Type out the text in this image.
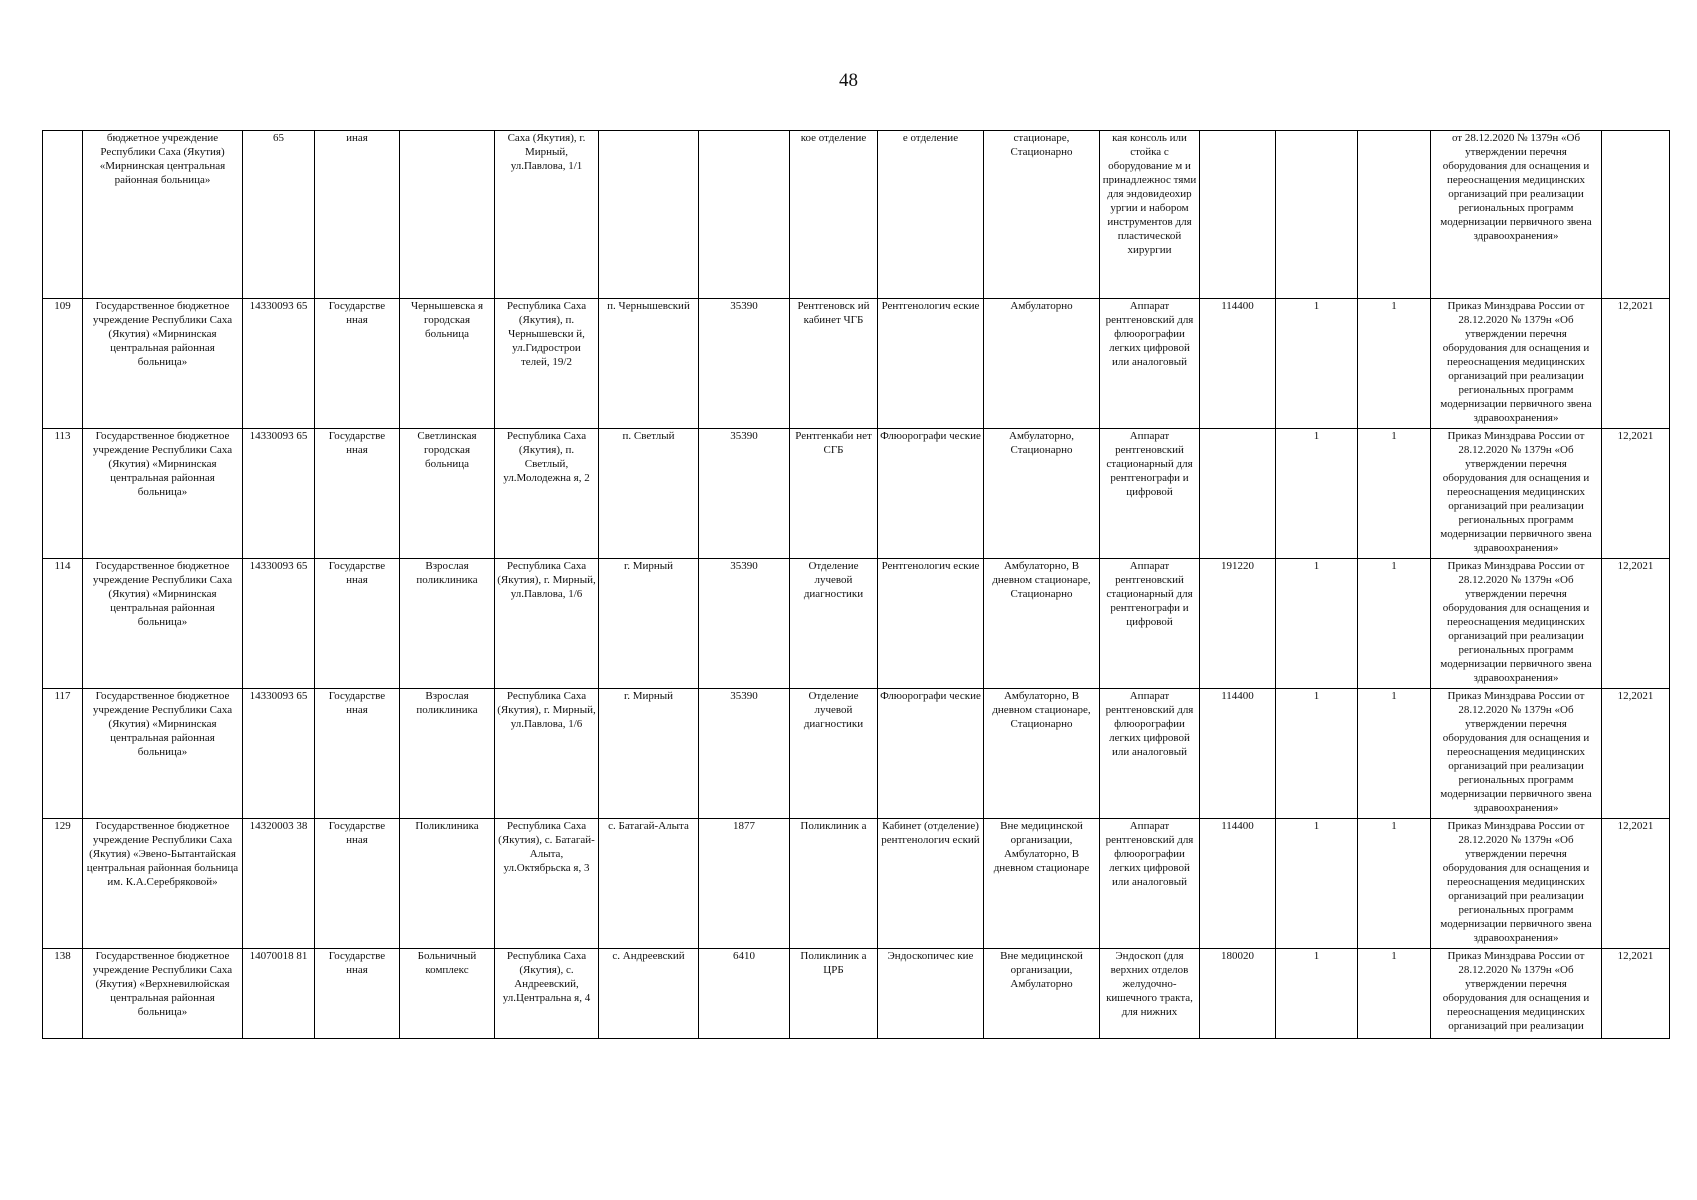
48

	бюджетное учреждение Республики Саха (Якутия) «Мирнинская центральная районная больница»	65	иная		Саха (Якутия), г. Мирный, ул.Павлова, 1/1			кое отделение	е отделение	стационаре, Стационарно	кая консоль или стойка с оборудование м и принадлежнос тями для эндовидеохир ургии и набором инструментов для пластической хирургии				от 28.12.2020 № 1379н «Об утверждении перечня оборудования для оснащения и переоснащения медицинских организаций при реализации региональных программ модернизации первичного звена здравоохранения»	

109	Государственное бюджетное учреждение Республики Саха (Якутия) «Мирнинская центральная районная больница»	14330093 65	Государстве нная	Чернышевска я городская больница	Республика Саха (Якутия), п. Чернышевски й, ул.Гидрострои телей, 19/2	п. Чернышевский	35390	Рентгеновск ий кабинет ЧГБ	Рентгенологич еские	Амбулаторно	Аппарат рентгеновский для флюорографии легких цифровой или аналоговый	114400	1	1	Приказ Минздрава России от 28.12.2020 № 1379н «Об утверждении перечня оборудования для оснащения и переоснащения медицинских организаций при реализации региональных программ модернизации первичного звена здравоохранения»	12,2021

113	Государственное бюджетное учреждение Республики Саха (Якутия) «Мирнинская центральная районная больница»	14330093 65	Государстве нная	Светлинская городская больница	Республика Саха (Якутия), п. Светлый, ул.Молодежна я, 2	п. Светлый	35390	Рентгенкаби нет СГБ	Флюорографи ческие	Амбулаторно, Стационарно	Аппарат рентгеновский стационарный для рентгенографи и цифровой		1	1	Приказ Минздрава России от 28.12.2020 № 1379н «Об утверждении перечня оборудования для оснащения и переоснащения медицинских организаций при реализации региональных программ модернизации первичного звена здравоохранения»	12,2021

114	Государственное бюджетное учреждение Республики Саха (Якутия) «Мирнинская центральная районная больница»	14330093 65	Государстве нная	Взрослая поликлиника	Республика Саха (Якутия), г. Мирный, ул.Павлова, 1/6	г. Мирный	35390	Отделение лучевой диагностики	Рентгенологич еские	Амбулаторно, В дневном стационаре, Стационарно	Аппарат рентгеновский стационарный для рентгенографи и цифровой	191220	1	1	Приказ Минздрава России от 28.12.2020 № 1379н «Об утверждении перечня оборудования для оснащения и переоснащения медицинских организаций при реализации региональных программ модернизации первичного звена здравоохранения»	12,2021

117	Государственное бюджетное учреждение Республики Саха (Якутия) «Мирнинская центральная районная больница»	14330093 65	Государстве нная	Взрослая поликлиника	Республика Саха (Якутия), г. Мирный, ул.Павлова, 1/6	г. Мирный	35390	Отделение лучевой диагностики	Флюорографи ческие	Амбулаторно, В дневном стационаре, Стационарно	Аппарат рентгеновский для флюорографии легких цифровой или аналоговый	114400	1	1	Приказ Минздрава России от 28.12.2020 № 1379н «Об утверждении перечня оборудования для оснащения и переоснащения медицинских организаций при реализации региональных программ модернизации первичного звена здравоохранения»	12,2021

129	Государственное бюджетное учреждение Республики Саха (Якутия) «Эвено-Бытантайская центральная районная больница им. К.А.Серебряковой»	14320003 38	Государстве нная	Поликлиника	Республика Саха (Якутия), с. Батагай-Алыта, ул.Октябрьска я, 3	с. Батагай-Алыта	1877	Поликлиник а	Кабинет (отделение) рентгенологич еский	Вне медицинской организации, Амбулаторно, В дневном стационаре	Аппарат рентгеновский для флюорографии легких цифровой или аналоговый	114400	1	1	Приказ Минздрава России от 28.12.2020 № 1379н «Об утверждении перечня оборудования для оснащения и переоснащения медицинских организаций при реализации региональных программ модернизации первичного звена здравоохранения»	12,2021

138	Государственное бюджетное учреждение Республики Саха (Якутия) «Верхневилюйская центральная районная больница»	14070018 81	Государстве нная	Больничный комплекс	Республика Саха (Якутия), с. Андреевский, ул.Центральна я, 4	с. Андреевский	6410	Поликлиник а ЦРБ	Эндоскопичес кие	Вне медицинской организации, Амбулаторно	Эндоскоп (для верхних отделов желудочно-кишечного тракта, для нижних	180020	1	1	Приказ Минздрава России от 28.12.2020 № 1379н «Об утверждении перечня оборудования для оснащения и переоснащения медицинских организаций при реализации	12,2021
